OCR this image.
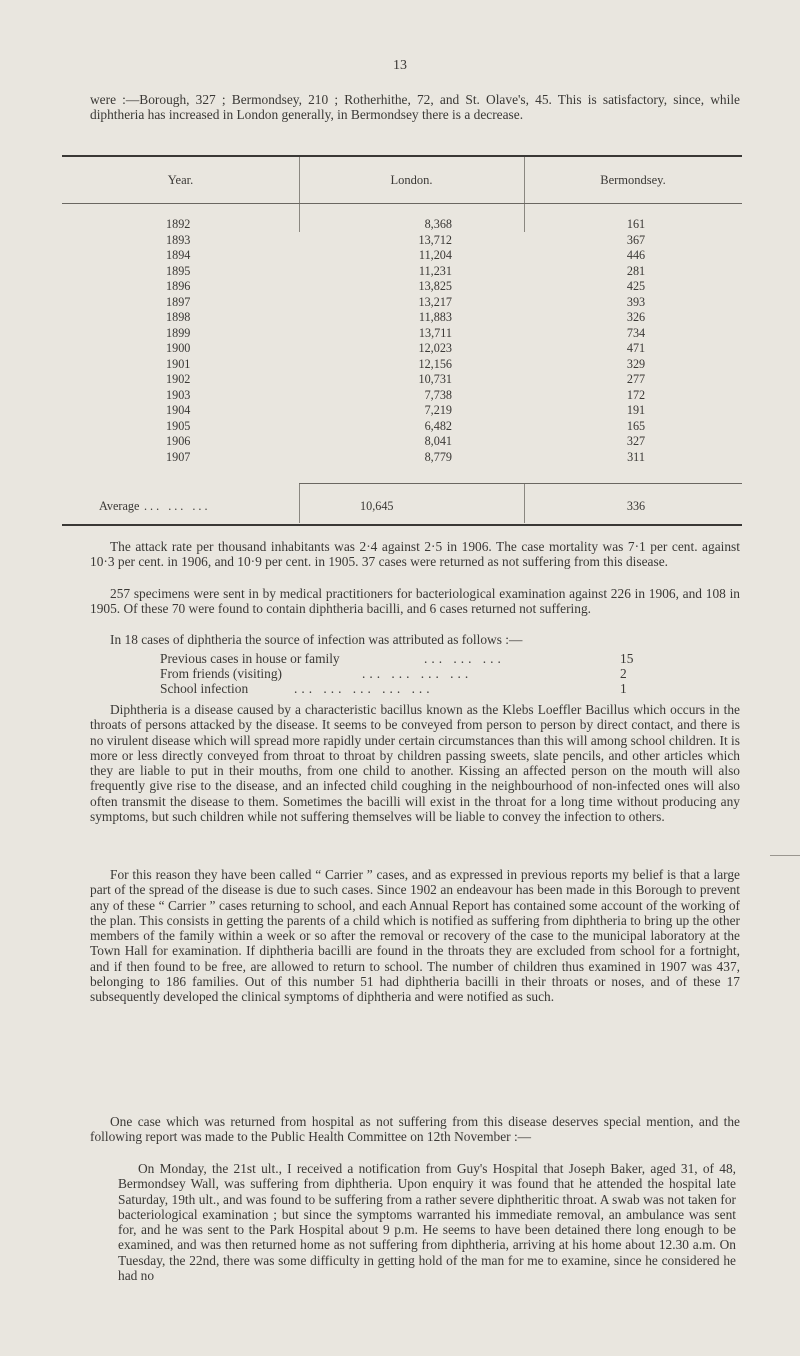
13
were :—Borough, 327 ; Bermondsey, 210 ; Rotherhithe, 72, and St. Olave's, 45. This is satisfactory, since, while diphtheria has increased in London generally, in Bermondsey there is a decrease.
Year.	London.	Bermondsey.
1892	8,368	161
1893	13,712	367
1894	11,204	446
1895	11,231	281
1896	13,825	425
1897	13,217	393
1898	11,883	326
1899	13,711	734
1900	12,023	471
1901	12,156	329
1902	10,731	277
1903	7,738	172
1904	7,219	191
1905	6,482	165
1906	8,041	327
1907	8,779	311
Average ... ... ...	10,645	336
The attack rate per thousand inhabitants was 2·4 against 2·5 in 1906. The case mortality was 7·1 per cent. against 10·3 per cent. in 1906, and 10·9 per cent. in 1905. 37 cases were returned as not suffering from this disease.
257 specimens were sent in by medical practitioners for bacteriological examination against 226 in 1906, and 108 in 1905. Of these 70 were found to contain diphtheria bacilli, and 6 cases returned not suffering.
In 18 cases of diphtheria the source of infection was attributed as follows :—
Previous cases in house or family	... ... ...	15
From friends (visiting)	... ... ... ...	2
School infection	... ... ... ... ...	1
Diphtheria is a disease caused by a characteristic bacillus known as the Klebs Loeffler Bacillus which occurs in the throats of persons attacked by the disease. It seems to be conveyed from person to person by direct contact, and there is no virulent disease which will spread more rapidly under certain circumstances than this will among school children. It is more or less directly conveyed from throat to throat by children passing sweets, slate pencils, and other articles which they are liable to put in their mouths, from one child to another. Kissing an affected person on the mouth will also frequently give rise to the disease, and an infected child coughing in the neighbourhood of non-infected ones will also often transmit the disease to them. Sometimes the bacilli will exist in the throat for a long time without producing any symptoms, but such children while not suffering themselves will be liable to convey the infection to others.
For this reason they have been called “ Carrier ” cases, and as expressed in previous reports my belief is that a large part of the spread of the disease is due to such cases. Since 1902 an endeavour has been made in this Borough to prevent any of these “ Carrier ” cases returning to school, and each Annual Report has contained some account of the working of the plan. This consists in getting the parents of a child which is notified as suffering from diphtheria to bring up the other members of the family within a week or so after the removal or recovery of the case to the municipal laboratory at the Town Hall for examination. If diphtheria bacilli are found in the throats they are excluded from school for a fortnight, and if then found to be free, are allowed to return to school. The number of children thus examined in 1907 was 437, belonging to 186 families. Out of this number 51 had diphtheria bacilli in their throats or noses, and of these 17 subsequently developed the clinical symptoms of diphtheria and were notified as such.
One case which was returned from hospital as not suffering from this disease deserves special mention, and the following report was made to the Public Health Committee on 12th November :—
On Monday, the 21st ult., I received a notification from Guy's Hospital that Joseph Baker, aged 31, of 48, Bermondsey Wall, was suffering from diphtheria. Upon enquiry it was found that he attended the hospital late Saturday, 19th ult., and was found to be suffering from a rather severe diphtheritic throat. A swab was not taken for bacteriological examination ; but since the symptoms warranted his immediate removal, an ambulance was sent for, and he was sent to the Park Hospital about 9 p.m. He seems to have been detained there long enough to be examined, and was then returned home as not suffering from diphtheria, arriving at his home about 12.30 a.m. On Tuesday, the 22nd, there was some difficulty in getting hold of the man for me to examine, since he considered he had no
